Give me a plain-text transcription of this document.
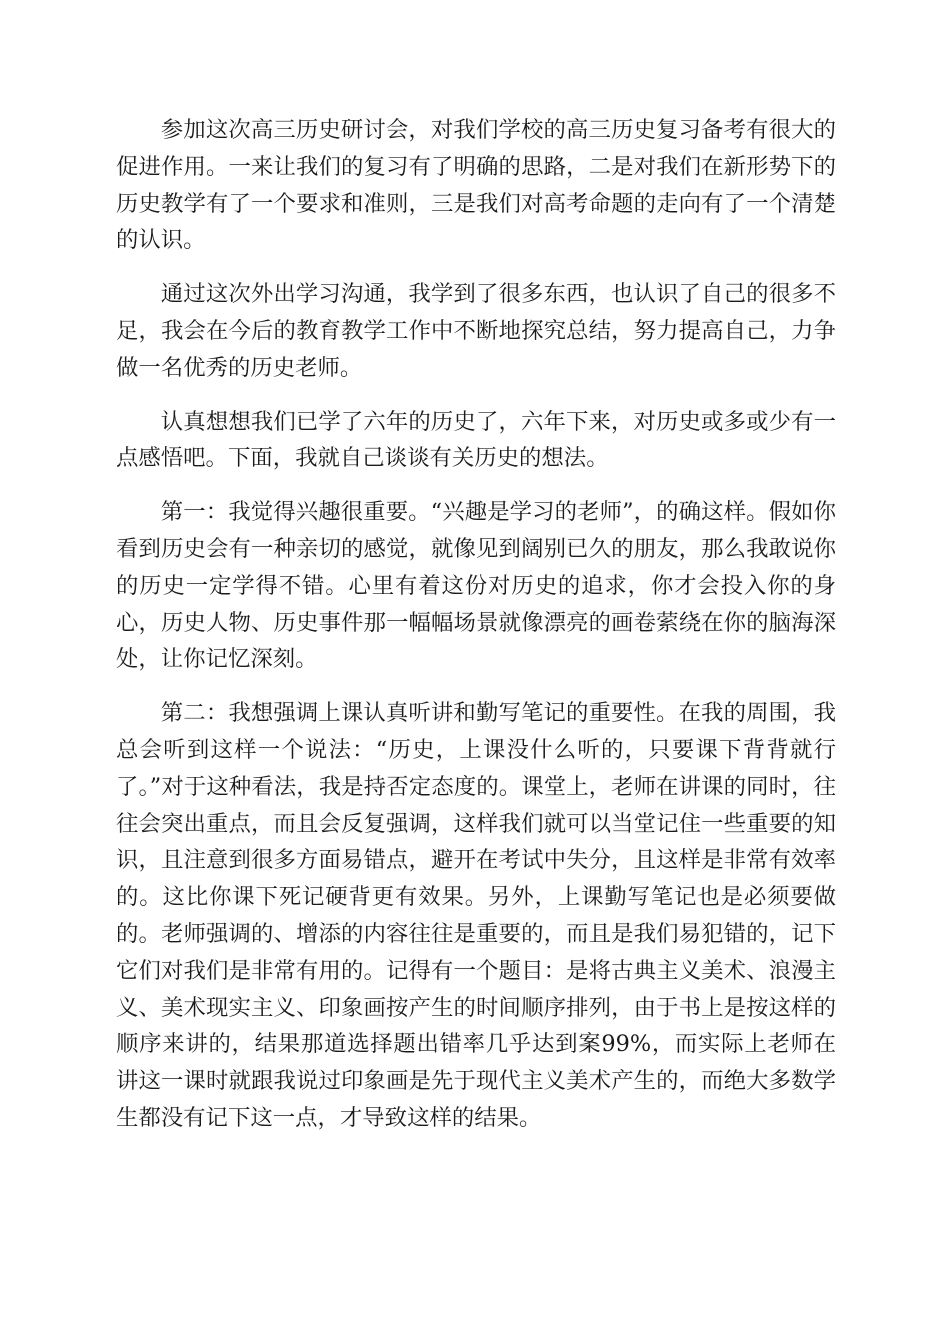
参加这次高三历史研讨会，对我们学校的高三历史复习备考有很大的促进作用。一来让我们的复习有了明确的思路，二是对我们在新形势下的历史教学有了一个要求和准则，三是我们对高考命题的走向有了一个清楚的认识。

通过这次外出学习沟通，我学到了很多东西，也认识了自己的很多不足，我会在今后的教育教学工作中不断地探究总结，努力提高自己，力争做一名优秀的历史老师。

认真想想我们已学了六年的历史了，六年下来，对历史或多或少有一点感悟吧。下面，我就自己谈谈有关历史的想法。

第一：我觉得兴趣很重要。“兴趣是学习的老师”，的确这样。假如你看到历史会有一种亲切的感觉，就像见到阔别已久的朋友，那么我敢说你的历史一定学得不错。心里有着这份对历史的追求，你才会投入你的身心，历史人物、历史事件那一幅幅场景就像漂亮的画卷萦绕在你的脑海深处，让你记忆深刻。

第二：我想强调上课认真听讲和勤写笔记的重要性。在我的周围，我总会听到这样一个说法：“历史，上课没什么听的，只要课下背背就行了。”对于这种看法，我是持否定态度的。课堂上，老师在讲课的同时，往往会突出重点，而且会反复强调，这样我们就可以当堂记住一些重要的知识，且注意到很多方面易错点，避开在考试中失分，且这样是非常有效率的。这比你课下死记硬背更有效果。另外，上课勤写笔记也是必须要做的。老师强调的、增添的内容往往是重要的，而且是我们易犯错的，记下它们对我们是非常有用的。记得有一个题目：是将古典主义美术、浪漫主义、美术现实主义、印象画按产生的时间顺序排列，由于书上是按这样的顺序来讲的，结果那道选择题出错率几乎达到案99%，而实际上老师在讲这一课时就跟我说过印象画是先于现代主义美术产生的，而绝大多数学生都没有记下这一点，才导致这样的结果。
